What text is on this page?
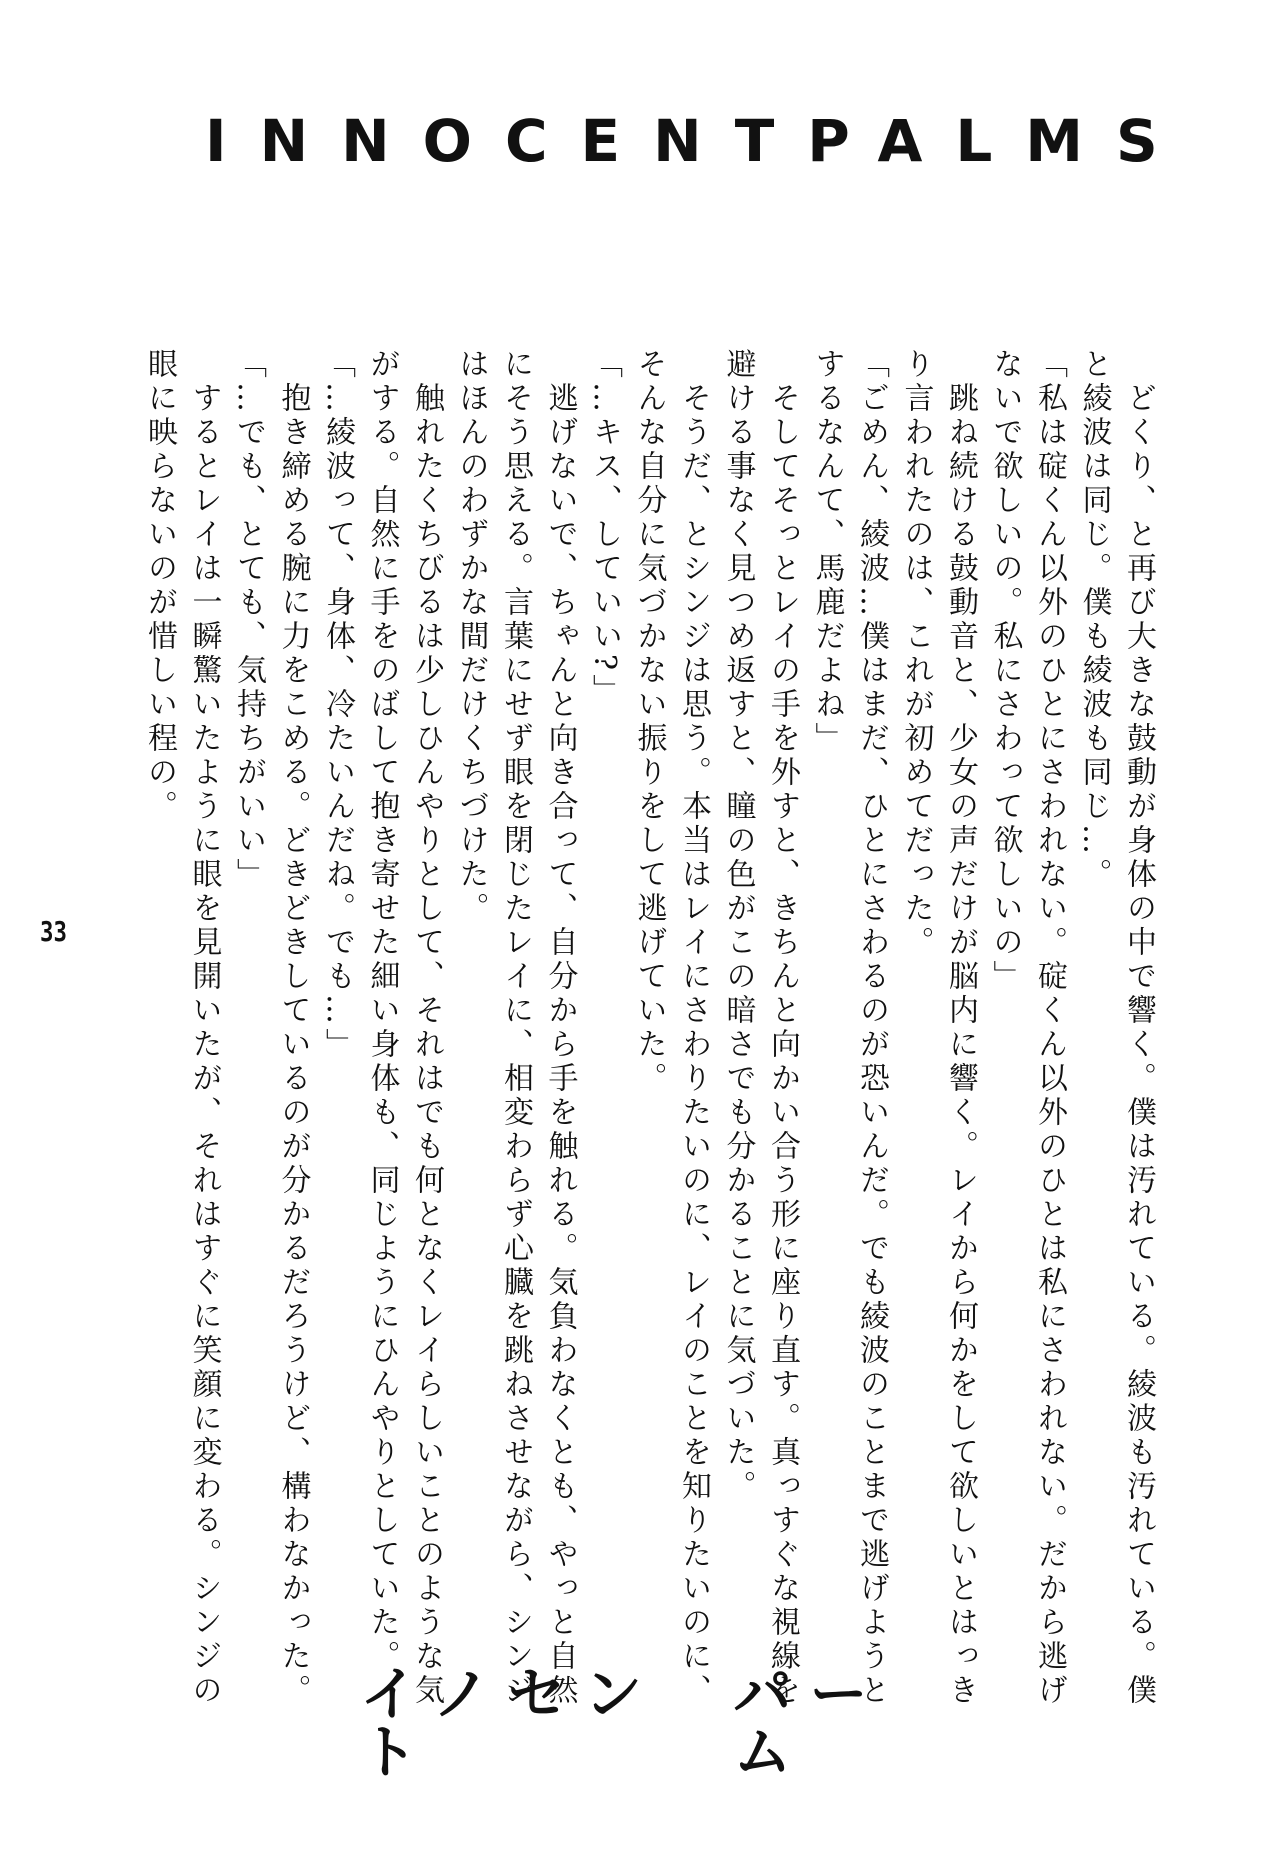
INNOCENT PALMS
33	　どくり、と再び大きな鼓動が身体の中で響く。僕は汚れている。綾波も汚れている。僕
と綾波は同じ。僕も綾波も同じ…。
「私は碇くん以外のひとにさわれない。碇くん以外のひとは私にさわれない。だから逃げ
ないで欲しいの。私にさわって欲しいの」
　跳ね続ける鼓動音と、少女の声だけが脳内に響く。レイから何かをして欲しいとはっき
り言われたのは、これが初めてだった。
「ごめん、綾波…僕はまだ、ひとにさわるのが恐いんだ。でも綾波のことまで逃げようと
するなんて、馬鹿だよね」
　そしてそっとレイの手を外すと、きちんと向かい合う形に座り直す。真っすぐな視線を
避ける事なく見つめ返すと、瞳の色がこの暗さでも分かることに気づいた。
　そうだ、とシンジは思う。本当はレイにさわりたいのに、レイのことを知りたいのに、
そんな自分に気づかない振りをして逃げていた。
「…キス、していい?」
　逃げないで、ちゃんと向き合って、自分から手を触れる。気負わなくとも、やっと自然
にそう思える。言葉にせず眼を閉じたレイに、相変わらず心臓を跳ねさせながら、シンジ
はほんのわずかな間だけくちづけた。
　触れたくちびるは少しひんやりとして、それはでも何となくレイらしいことのような気
がする。自然に手をのばして抱き寄せた細い身体も、同じようにひんやりとしていた。
「…綾波って、身体、冷たいんだね。でも…」
　抱き締める腕に力をこめる。どきどきしているのが分かるだろうけど、構わなかった。
「…でも、とても、気持ちがいい」
　するとレイは一瞬驚いたように眼を見開いたが、それはすぐに笑顔に変わる。シンジの
眼に映らないのが惜しい程の。
イノセント
パーム
